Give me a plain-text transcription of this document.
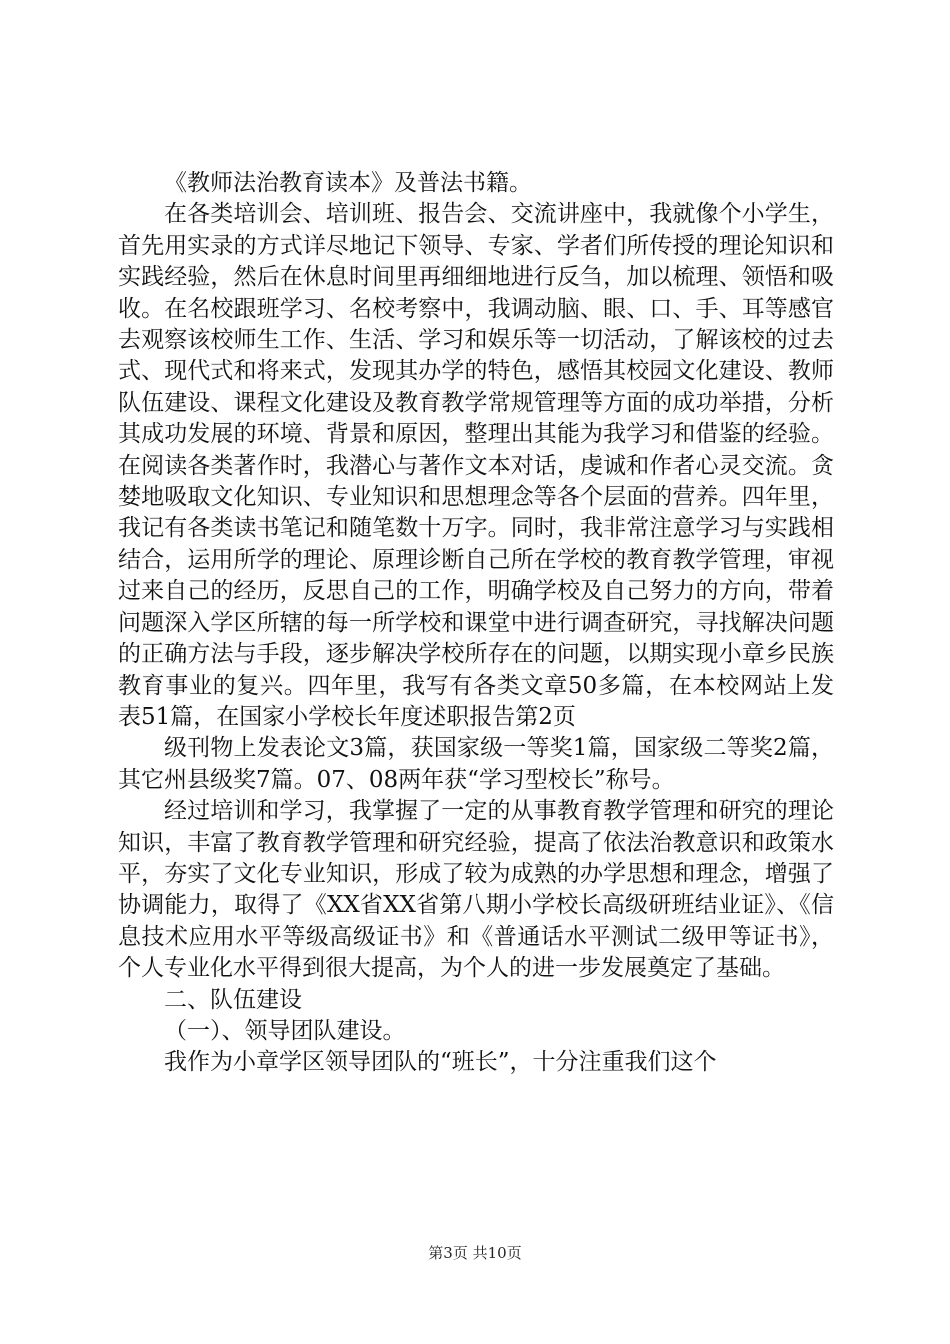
《教师法治教育读本》及普法书籍。

在各类培训会、培训班、报告会、交流讲座中，我就像个小学生，首先用实录的方式详尽地记下领导、专家、学者们所传授的理论知识和实践经验，然后在休息时间里再细细地进行反刍，加以梳理、领悟和吸收。在名校跟班学习、名校考察中，我调动脑、眼、口、手、耳等感官去观察该校师生工作、生活、学习和娱乐等一切活动，了解该校的过去式、现代式和将来式，发现其办学的特色，感悟其校园文化建设、教师队伍建设、课程文化建设及教育教学常规管理等方面的成功举措，分析其成功发展的环境、背景和原因，整理出其能为我学习和借鉴的经验。在阅读各类著作时，我潜心与著作文本对话，虔诚和作者心灵交流。贪婪地吸取文化知识、专业知识和思想理念等各个层面的营养。四年里，我记有各类读书笔记和随笔数十万字。同时，我非常注意学习与实践相结合，运用所学的理论、原理诊断自己所在学校的教育教学管理，审视过来自己的经历，反思自己的工作，明确学校及自己努力的方向，带着问题深入学区所辖的每一所学校和课堂中进行调查研究，寻找解决问题的正确方法与手段，逐步解决学校所存在的问题，以期实现小章乡民族教育事业的复兴。四年里，我写有各类文章50多篇，在本校网站上发表51篇，在国家小学校长年度述职报告第2页

级刊物上发表论文3篇，获国家级一等奖1篇，国家级二等奖2篇，其它州县级奖7篇。07、08两年获“学习型校长”称号。

经过培训和学习，我掌握了一定的从事教育教学管理和研究的理论知识，丰富了教育教学管理和研究经验，提高了依法治教意识和政策水平，夯实了文化专业知识，形成了较为成熟的办学思想和理念，增强了协调能力，取得了《XX省XX省第八期小学校长高级研班结业证》、《信息技术应用水平等级高级证书》和《普通话水平测试二级甲等证书》，个人专业化水平得到很大提高，为个人的进一步发展奠定了基础。

二、队伍建设

（一）、领导团队建设。

我作为小章学区领导团队的“班长”，十分注重我们这个

第3页 共10页
